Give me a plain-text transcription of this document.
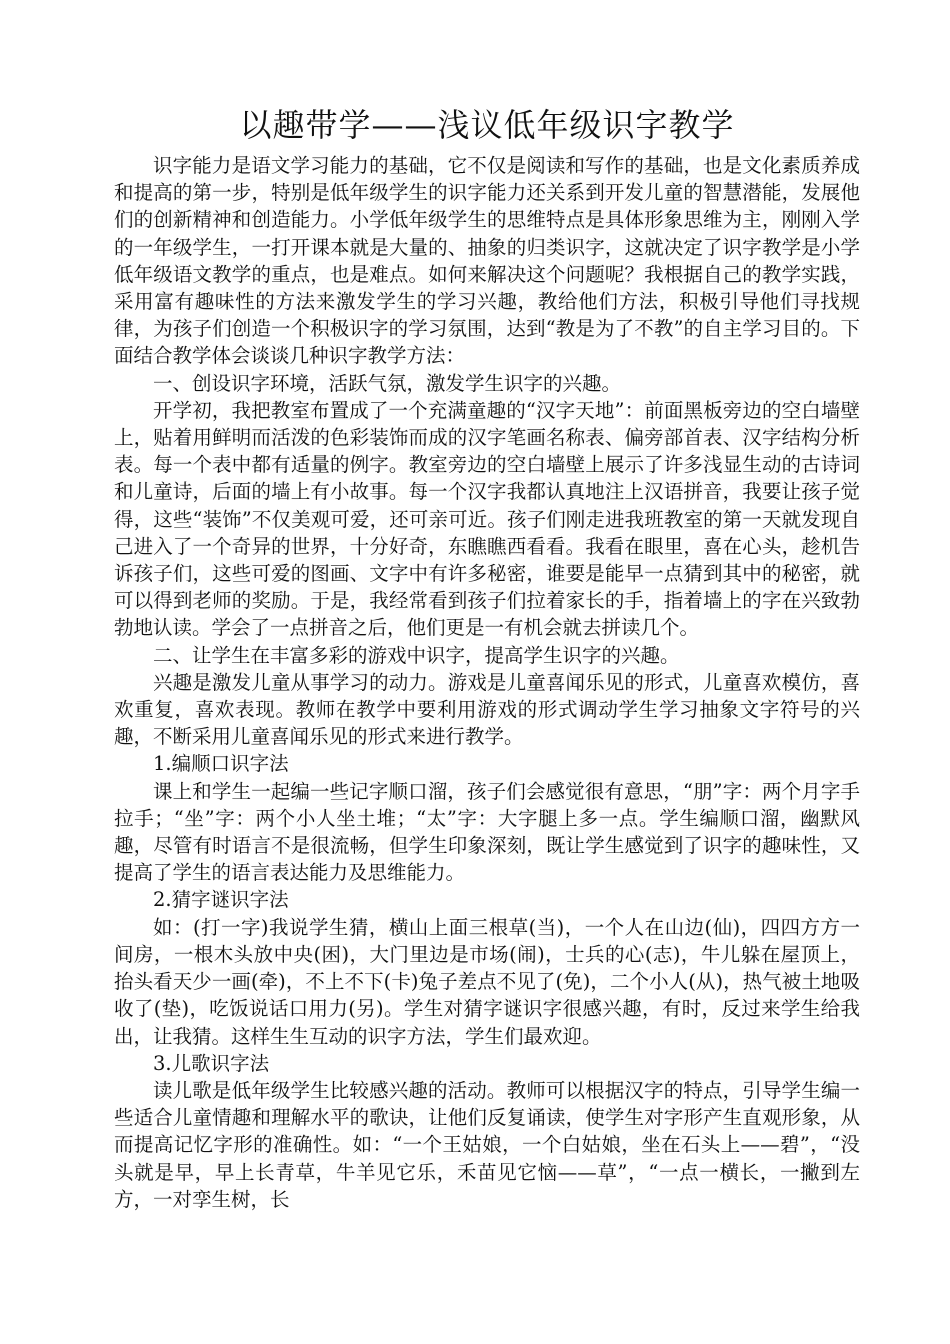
以趣带学——浅议低年级识字教学

识字能力是语文学习能力的基础，它不仅是阅读和写作的基础，也是文化素质养成和提高的第一步，特别是低年级学生的识字能力还关系到开发儿童的智慧潜能，发展他们的创新精神和创造能力。小学低年级学生的思维特点是具体形象思维为主，刚刚入学的一年级学生，一打开课本就是大量的、抽象的归类识字，这就决定了识字教学是小学低年级语文教学的重点，也是难点。如何来解决这个问题呢？我根据自己的教学实践，采用富有趣味性的方法来激发学生的学习兴趣，教给他们方法，积极引导他们寻找规律，为孩子们创造一个积极识字的学习氛围，达到“教是为了不教”的自主学习目的。下面结合教学体会谈谈几种识字教学方法：

一、创设识字环境，活跃气氛，激发学生识字的兴趣。

开学初，我把教室布置成了一个充满童趣的“汉字天地”：前面黑板旁边的空白墙壁上，贴着用鲜明而活泼的色彩装饰而成的汉字笔画名称表、偏旁部首表、汉字结构分析表。每一个表中都有适量的例字。教室旁边的空白墙壁上展示了许多浅显生动的古诗词和儿童诗，后面的墙上有小故事。每一个汉字我都认真地注上汉语拼音，我要让孩子觉得，这些“装饰”不仅美观可爱，还可亲可近。孩子们刚走进我班教室的第一天就发现自己进入了一个奇异的世界，十分好奇，东瞧瞧西看看。我看在眼里，喜在心头，趁机告诉孩子们，这些可爱的图画、文字中有许多秘密，谁要是能早一点猜到其中的秘密，就可以得到老师的奖励。于是，我经常看到孩子们拉着家长的手，指着墙上的字在兴致勃勃地认读。学会了一点拼音之后，他们更是一有机会就去拼读几个。

二、让学生在丰富多彩的游戏中识字，提高学生识字的兴趣。

兴趣是激发儿童从事学习的动力。游戏是儿童喜闻乐见的形式，儿童喜欢模仿，喜欢重复，喜欢表现。教师在教学中要利用游戏的形式调动学生学习抽象文字符号的兴趣，不断采用儿童喜闻乐见的形式来进行教学。

1.编顺口识字法

课上和学生一起编一些记字顺口溜，孩子们会感觉很有意思，“朋”字：两个月字手拉手；“坐”字：两个小人坐土堆；“太”字：大字腿上多一点。学生编顺口溜，幽默风趣，尽管有时语言不是很流畅，但学生印象深刻，既让学生感觉到了识字的趣味性，又提高了学生的语言表达能力及思维能力。

2.猜字谜识字法

如：(打一字)我说学生猜，横山上面三根草(当)，一个人在山边(仙)，四四方方一间房，一根木头放中央(困)，大门里边是市场(闹)，士兵的心(志)，牛儿躲在屋顶上，抬头看天少一画(牵)，不上不下(卡)兔子差点不见了(免)，二个小人(从)，热气被土地吸收了(垫)，吃饭说话口用力(另)。学生对猜字谜识字很感兴趣，有时，反过来学生给我出，让我猜。这样生生互动的识字方法，学生们最欢迎。

3.儿歌识字法

读儿歌是低年级学生比较感兴趣的活动。教师可以根据汉字的特点，引导学生编一些适合儿童情趣和理解水平的歌诀，让他们反复诵读，使学生对字形产生直观形象，从而提高记忆字形的准确性。如：“一个王姑娘，一个白姑娘，坐在石头上——碧”，“没头就是早，早上长青草，牛羊见它乐，禾苗见它恼——草”，“一点一横长，一撇到左方，一对孪生树，长
